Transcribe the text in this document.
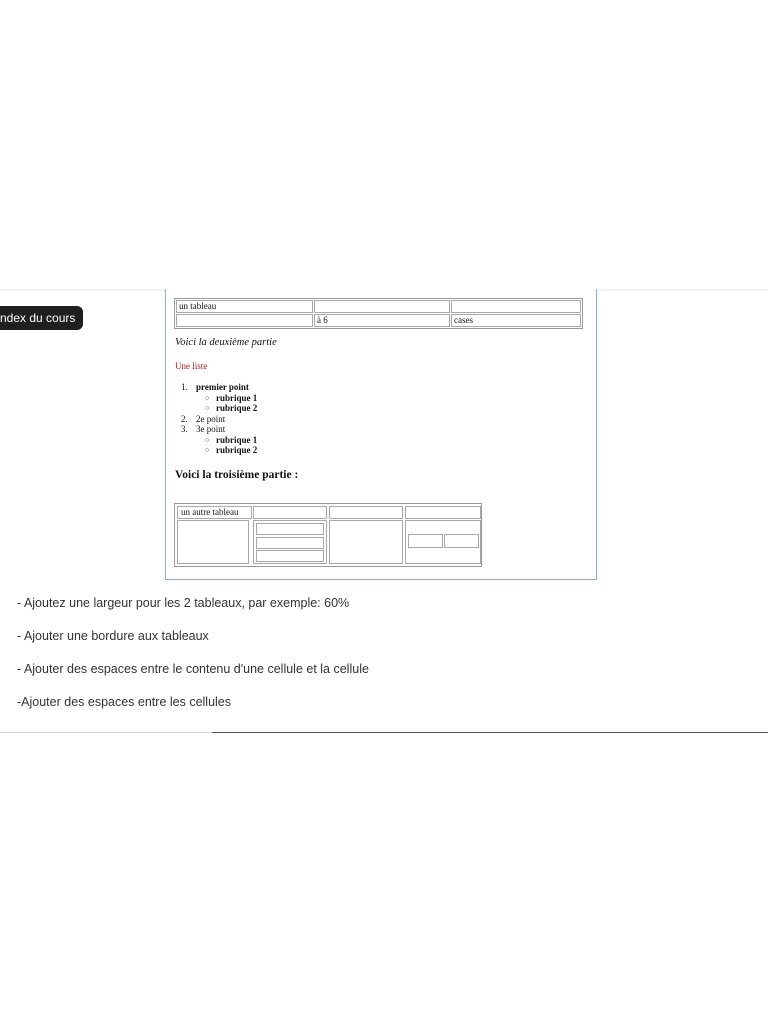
ndex du cours
un tableau		
	à 6	cases
Voici la deuxième partie
Une liste
1. premier point
○ rubrique 1
○ rubrique 2
2. 2e point
3. 3e point
○ rubrique 1
○ rubrique 2
Voici la troisième partie :
un autre tableau
- Ajoutez une largeur pour les 2 tableaux, par exemple: 60%
- Ajouter une bordure aux tableaux
- Ajouter des espaces entre le contenu d'une cellule et la cellule
-Ajouter des espaces entre les cellules
